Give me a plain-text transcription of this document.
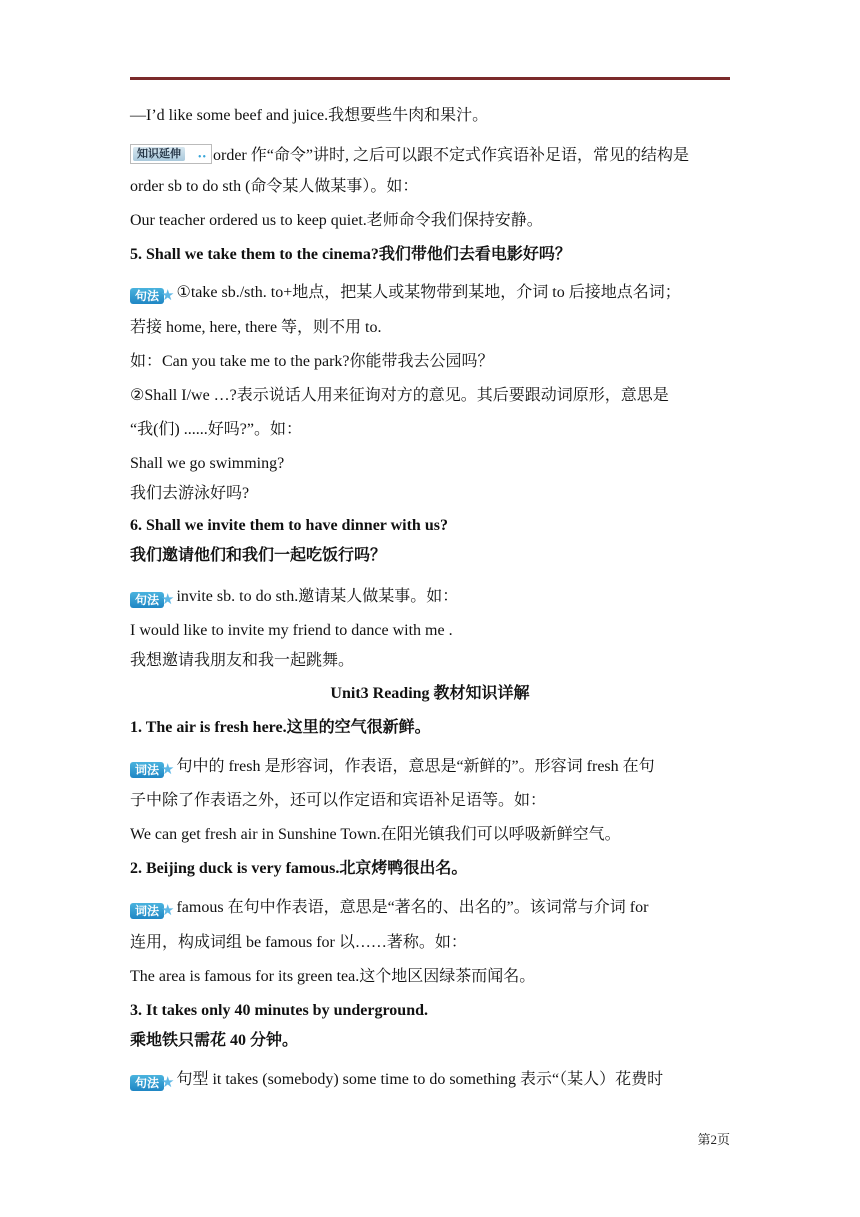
—I’d like some beef and juice.我想要些牛肉和果汁。

知识延伸	•• order 作“命令”讲时, 之后可以跟不定式作宾语补足语，常见的结构是

order sb to do sth (命令某人做某事）。如：

Our teacher ordered us to keep quiet.老师命令我们保持安静。

5. Shall we take them to the cinema?我们带他们去看电影好吗？

句法 ★ ①take sb./sth. to+地点，把某人或某物带到某地，介词 to 后接地点名词；

若接 home, here, there 等，则不用 to.

如：Can you take me to the park?你能带我去公园吗？

②Shall I/we …?表示说话人用来征询对方的意见。其后要跟动词原形，意思是

“我(们) ......好吗?”。如：

Shall we go swimming?

我们去游泳好吗?

6. Shall we invite them to have dinner with us?

我们邀请他们和我们一起吃饭行吗？

句法 ★ invite sb. to do sth.邀请某人做某事。如：

I would like to invite my friend to dance with me .

我想邀请我朋友和我一起跳舞。

Unit3 Reading 教材知识详解

1. The air is fresh here.这里的空气很新鲜。

词法 ★ 句中的 fresh 是形容词，作表语，意思是“新鲜的”。形容词 fresh 在句

子中除了作表语之外，还可以作定语和宾语补足语等。如：

We can get fresh air in Sunshine Town.在阳光镇我们可以呼吸新鲜空气。

2. Beijing duck is very famous.北京烤鸭很出名。

词法 ★ famous 在句中作表语，意思是“著名的、出名的”。该词常与介词 for

连用，构成词组 be famous for 以……著称。如：

The area is famous for its green tea.这个地区因绿茶而闻名。

3. It takes only 40 minutes by underground.

乘地铁只需花 40 分钟。

句法 ★ 句型 it takes (somebody) some time to do something 表示“（某人）花费时

第2页
